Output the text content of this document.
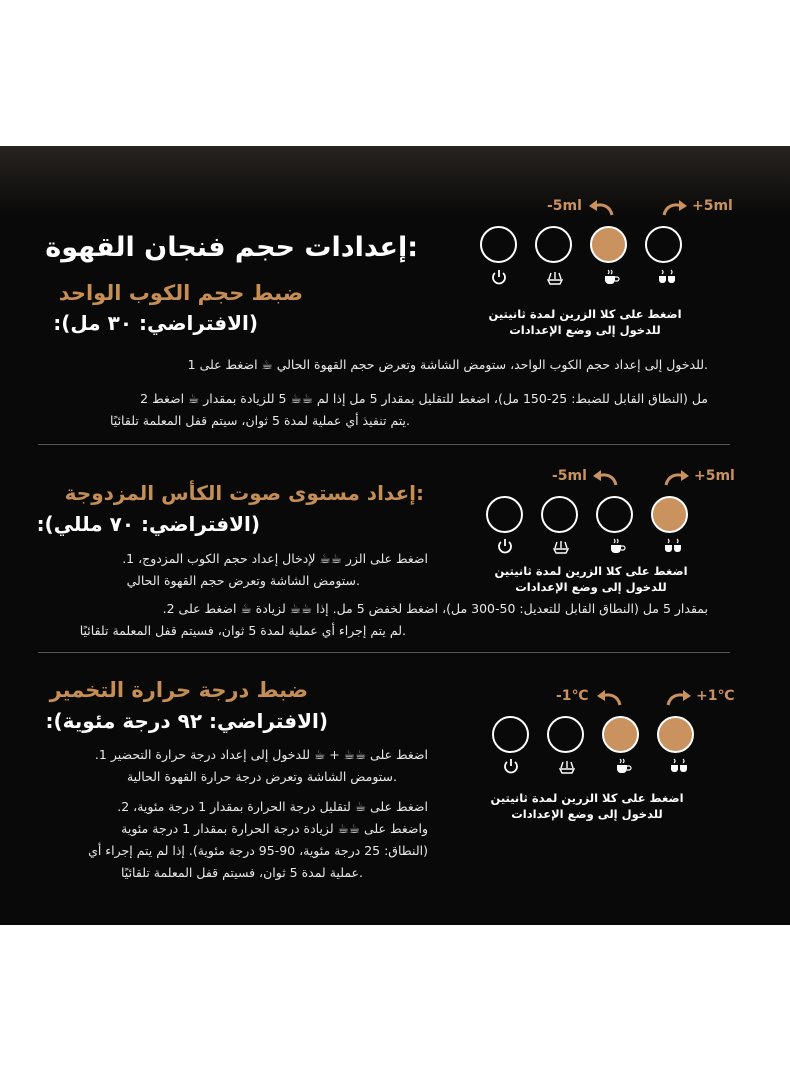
:إعدادات حجم فنجان القهوة
ضبط حجم الكوب الواحد
(الافتراضي: ٣٠ مل):
.للدخول إلى إعداد حجم الكوب الواحد، ستومض الشاشة وتعرض حجم القهوة الحالي ☕ اضغط على 1
مل (النطاق القابل للضبط: 25-150 مل)، اضغط للتقليل بمقدار 5 مل إذا لم ☕☕ 5 للزيادة بمقدار ☕ اضغط 2
.يتم تنفيذ أي عملية لمدة 5 ثوان، سيتم قفل المعلمة تلقائيًا
-5ml	+5ml
اضغط على كلا الزرين لمدة ثانيتين
للدخول إلى وضع الإعدادات
:إعداد مستوى صوت الكأس المزدوجة
(الافتراضي: ٧٠ مللي):
اضغط على الزر ☕☕ لإدخال إعداد حجم الكوب المزدوج، 1.
.ستومض الشاشة وتعرض حجم القهوة الحالي
بمقدار 5 مل (النطاق القابل للتعديل: 50-300 مل)، اضغط لخفض 5 مل. إذا ☕☕ لزيادة ☕ اضغط على 2.
.لم يتم إجراء أي عملية لمدة 5 ثوان، فسيتم قفل المعلمة تلقائيًا
-5ml	+5ml
اضغط على كلا الزرين لمدة ثانيتين
للدخول إلى وضع الإعدادات
ضبط درجة حرارة التخمير
(الافتراضي: ٩٢ درجة مئوية):
اضغط على ☕☕ + ☕ للدخول إلى إعداد درجة حرارة التحضير 1.
.ستومض الشاشة وتعرض درجة حرارة القهوة الحالية
اضغط على ☕ لتقليل درجة الحرارة بمقدار 1 درجة مئوية، 2.
واضغط على ☕☕ لزيادة درجة الحرارة بمقدار 1 درجة مئوية
(النطاق: 25 درجة مئوية، 90-95 درجة مئوية). إذا لم يتم إجراء أي
.عملية لمدة 5 ثوان، فسيتم قفل المعلمة تلقائيًا
-1℃	+1℃
اضغط على كلا الزرين لمدة ثانيتين
للدخول إلى وضع الإعدادات
